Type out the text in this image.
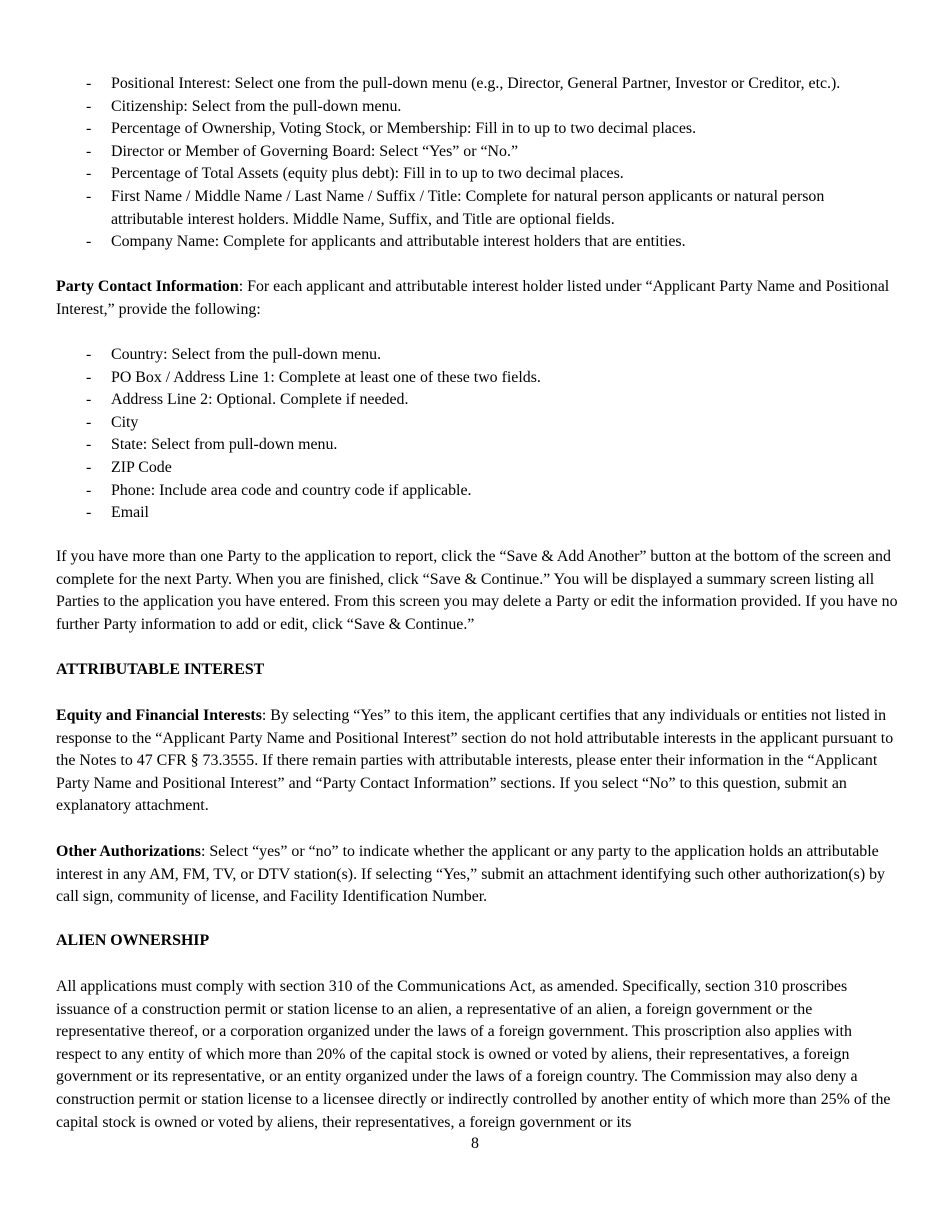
- Positional Interest: Select one from the pull-down menu (e.g., Director, General Partner, Investor or Creditor, etc.).
- Citizenship: Select from the pull-down menu.
- Percentage of Ownership, Voting Stock, or Membership: Fill in to up to two decimal places.
- Director or Member of Governing Board: Select “Yes” or “No.”
- Percentage of Total Assets (equity plus debt): Fill in to up to two decimal places.
- First Name / Middle Name / Last Name / Suffix / Title: Complete for natural person applicants or natural person attributable interest holders. Middle Name, Suffix, and Title are optional fields.
- Company Name: Complete for applicants and attributable interest holders that are entities.

Party Contact Information: For each applicant and attributable interest holder listed under “Applicant Party Name and Positional Interest,” provide the following:

- Country: Select from the pull-down menu.
- PO Box / Address Line 1: Complete at least one of these two fields.
- Address Line 2: Optional. Complete if needed.
- City
- State: Select from pull-down menu.
- ZIP Code
- Phone: Include area code and country code if applicable.
- Email

If you have more than one Party to the application to report, click the “Save & Add Another” button at the bottom of the screen and complete for the next Party. When you are finished, click “Save & Continue.” You will be displayed a summary screen listing all Parties to the application you have entered. From this screen you may delete a Party or edit the information provided. If you have no further Party information to add or edit, click “Save & Continue.”

ATTRIBUTABLE INTEREST

Equity and Financial Interests: By selecting “Yes” to this item, the applicant certifies that any individuals or entities not listed in response to the “Applicant Party Name and Positional Interest” section do not hold attributable interests in the applicant pursuant to the Notes to 47 CFR § 73.3555. If there remain parties with attributable interests, please enter their information in the “Applicant Party Name and Positional Interest” and “Party Contact Information” sections. If you select “No” to this question, submit an explanatory attachment.

Other Authorizations: Select “yes” or “no” to indicate whether the applicant or any party to the application holds an attributable interest in any AM, FM, TV, or DTV station(s). If selecting “Yes,” submit an attachment identifying such other authorization(s) by call sign, community of license, and Facility Identification Number.

ALIEN OWNERSHIP

All applications must comply with section 310 of the Communications Act, as amended. Specifically, section 310 proscribes issuance of a construction permit or station license to an alien, a representative of an alien, a foreign government or the representative thereof, or a corporation organized under the laws of a foreign government. This proscription also applies with respect to any entity of which more than 20% of the capital stock is owned or voted by aliens, their representatives, a foreign government or its representative, or an entity organized under the laws of a foreign country. The Commission may also deny a construction permit or station license to a licensee directly or indirectly controlled by another entity of which more than 25% of the capital stock is owned or voted by aliens, their representatives, a foreign government or its

8
